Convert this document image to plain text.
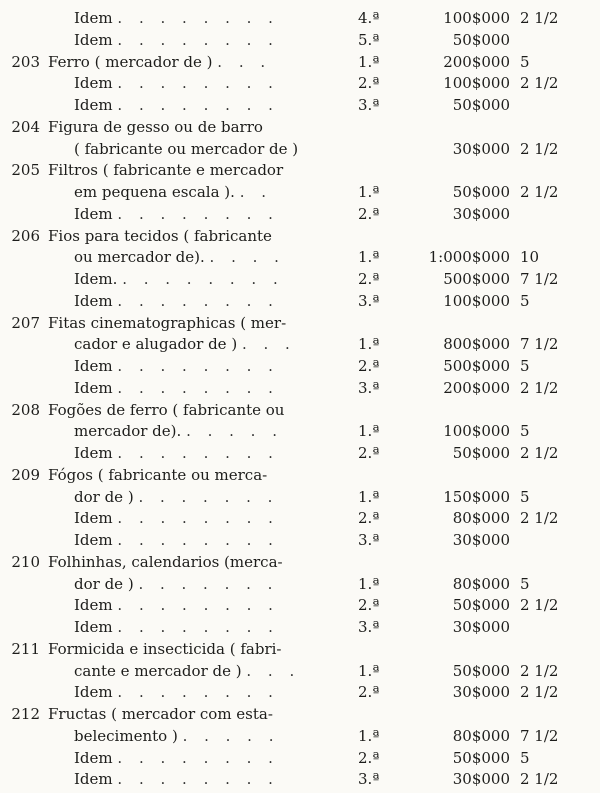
Idem . . . . . . . .	4.ª	100$000 2 1/2
Idem . . . . . . . .	5.ª	50$000
203 Ferro ( mercador de ) . . .	1.ª	200$000 5
Idem . . . . . . . .	2.ª	100$000 2 1/2
Idem . . . . . . . .	3.ª	50$000
204 Figura de gesso ou de barro
( fabricante ou mercador de )	30$000 2 1/2
205 Filtros ( fabricante e mercador
em pequena escala ). . .	1.ª	50$000 2 1/2
Idem . . . . . . . .	2.ª	30$000
206 Fios para tecidos ( fabricante
ou mercador de). . . . .	1.ª	1:000$000 10
Idem. . . . . . . . .	2.ª	500$000 7 1/2
Idem . . . . . . . .	3.ª	100$000 5
207 Fitas cinematographicas ( mer-
cador e alugador de ) . . .	1.ª	800$000 7 1/2
Idem . . . . . . . .	2.ª	500$000 5
Idem . . . . . . . .	3.ª	200$000 2 1/2
208 Fogões de ferro ( fabricante ou
mercador de). . . . . .	1.ª	100$000 5
Idem . . . . . . . .	2.ª	50$000 2 1/2
209 Fógos ( fabricante ou merca-
dor de ) . . . . . . .	1.ª	150$000 5
Idem . . . . . . . .	2.ª	80$000 2 1/2
Idem . . . . . . . .	3.ª	30$000
210 Folhinhas, calendarios (merca-
dor de ) . . . . . . .	1.ª	80$000 5
Idem . . . . . . . .	2.ª	50$000 2 1/2
Idem . . . . . . . .	3.ª	30$000
211 Formicida e insecticida ( fabri-
cante e mercador de ) . . .	1.ª	50$000 2 1/2
Idem . . . . . . . .	2.ª	30$000 2 1/2
212 Fructas ( mercador com esta-
belecimento ) . . . . .	1.ª	80$000 7 1/2
Idem . . . . . . . .	2.ª	50$000 5
Idem . . . . . . . .	3.ª	30$000 2 1/2
